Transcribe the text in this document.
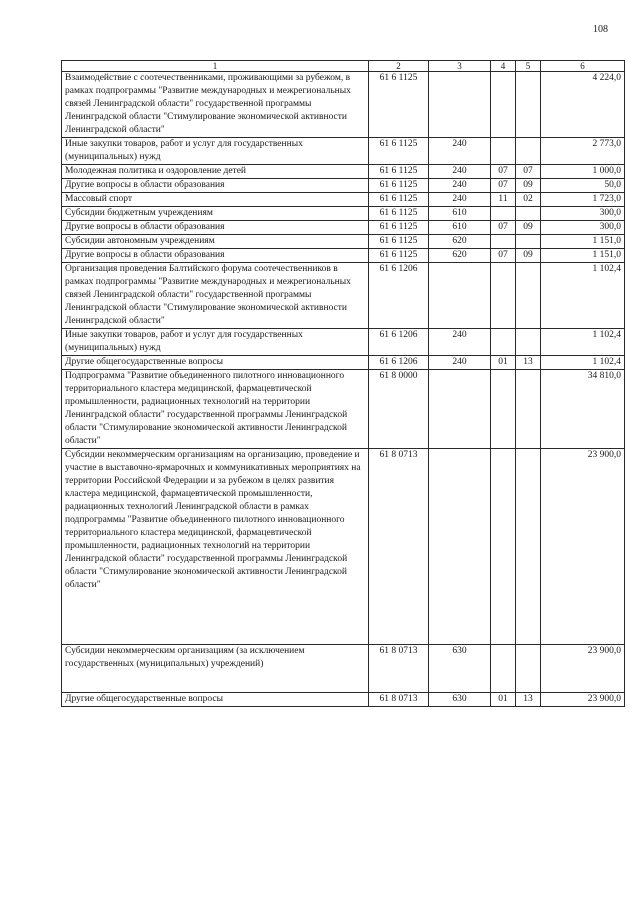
108
1	2	3	4	5	6
Взаимодействие с соотечественниками, проживающими за рубежом, в рамках подпрограммы "Развитие международных и межрегиональных связей Ленинградской области" государственной программы Ленинградской области "Стимулирование экономической активности Ленинградской области"	61 6 1125				4 224,0
Иные закупки товаров, работ и услуг для государственных (муниципальных) нужд	61 6 1125	240			2 773,0
Молодежная политика и оздоровление детей	61 6 1125	240	07	07	1 000,0
Другие вопросы в области образования	61 6 1125	240	07	09	50,0
Массовый спорт	61 6 1125	240	11	02	1 723,0
Субсидии бюджетным учреждениям	61 6 1125	610			300,0
Другие вопросы в области образования	61 6 1125	610	07	09	300,0
Субсидии автономным учреждениям	61 6 1125	620			1 151,0
Другие вопросы в области образования	61 6 1125	620	07	09	1 151,0
Организация проведения Балтийского форума соотечественников в рамках подпрограммы "Развитие международных и межрегиональных связей Ленинградской области" государственной программы Ленинградской области "Стимулирование экономической активности Ленинградской области"	61 6 1206				1 102,4
Иные закупки товаров, работ и услуг для государственных (муниципальных) нужд	61 6 1206	240			1 102,4
Другие общегосударственные вопросы	61 6 1206	240	01	13	1 102,4
Подпрограмма "Развитие объединенного пилотного инновационного территориального кластера медицинской, фармацевтической промышленности, радиационных технологий на территории Ленинградской области" государственной программы Ленинградской области "Стимулирование экономической активности Ленинградской области"	61 8 0000				34 810,0
Субсидии некоммерческим организациям на организацию, проведение и участие в выставочно-ярмарочных и коммуникативных мероприятиях на территории Российской Федерации и за рубежом в целях развития кластера медицинской, фармацевтической промышленности, радиационных технологий Ленинградской области в рамках подпрограммы "Развитие объединенного пилотного инновационного территориального кластера медицинской, фармацевтической промышленности, радиационных технологий на территории Ленинградской области" государственной программы Ленинградской области "Стимулирование экономической активности Ленинградской области"	61 8 0713				23 900,0
Субсидии некоммерческим организациям (за исключением государственных (муниципальных) учреждений)	61 8 0713	630			23 900,0
Другие общегосударственные вопросы	61 8 0713	630	01	13	23 900,0
